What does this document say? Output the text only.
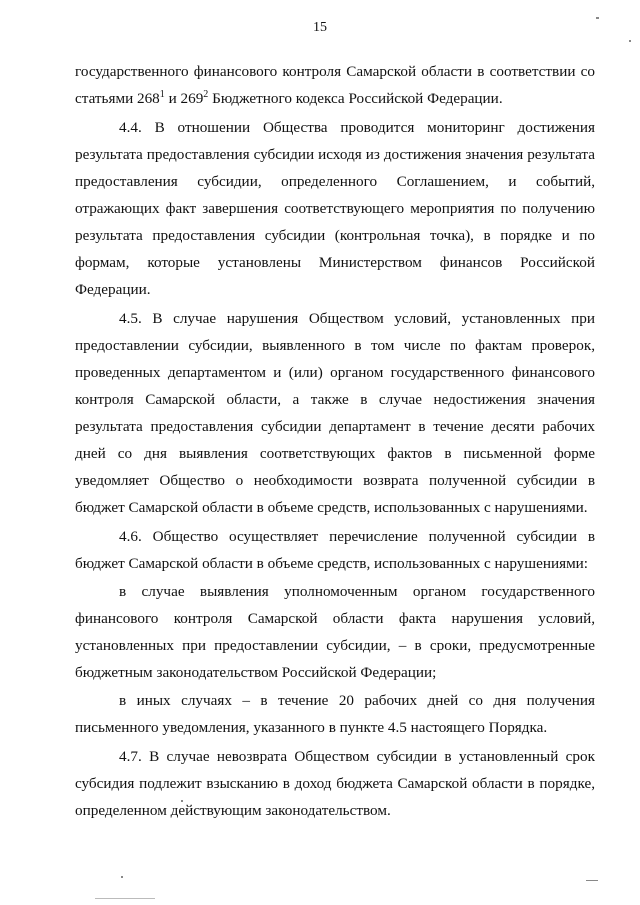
15

государственного финансового контроля Самарской области в соответствии со статьями $268^1$ и $269^2$ Бюджетного кодекса Российской Федерации.

4.4. В отношении Общества проводится мониторинг достижения результата предоставления субсидии исходя из достижения значения результата предоставления субсидии, определенного Соглашением, и событий, отражающих факт завершения соответствующего мероприятия по получению результата предоставления субсидии (контрольная точка), в порядке и по формам, которые установлены Министерством финансов Российской Федерации.

4.5. В случае нарушения Обществом условий, установленных при предоставлении субсидии, выявленного в том числе по фактам проверок, проведенных департаментом и (или) органом государственного финансового контроля Самарской области, а также в случае недостижения значения результата предоставления субсидии департамент в течение десяти рабочих дней со дня выявления соответствующих фактов в письменной форме уведомляет Общество о необходимости возврата полученной субсидии в бюджет Самарской области в объеме средств, использованных с нарушениями.

4.6. Общество осуществляет перечисление полученной субсидии в бюджет Самарской области в объеме средств, использованных с нарушениями:

в случае выявления уполномоченным органом государственного финансового контроля Самарской области факта нарушения условий, установленных при предоставлении субсидии, – в сроки, предусмотренные бюджетным законодательством Российской Федерации;

в иных случаях – в течение 20 рабочих дней со дня получения письменного уведомления, указанного в пункте 4.5 настоящего Порядка.

4.7. В случае невозврата Обществом субсидии в установленный срок субсидия подлежит взысканию в доход бюджета Самарской области в порядке, определенном действующим законодательством.
